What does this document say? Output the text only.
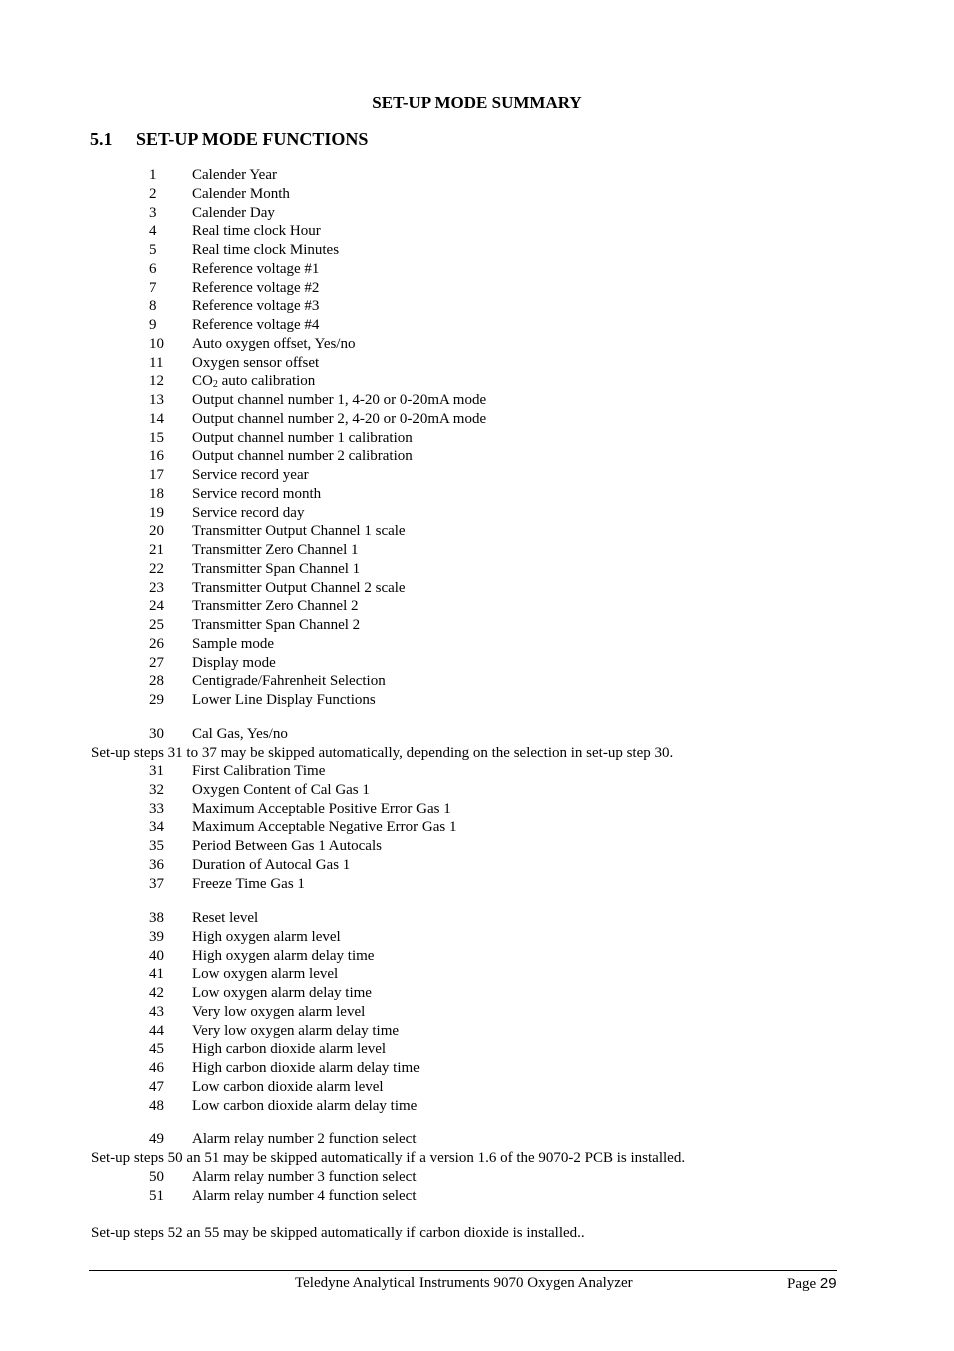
SET-UP MODE SUMMARY
5.1 SET-UP MODE FUNCTIONS
1 Calender Year
2 Calender Month
3 Calender Day
4 Real time clock Hour
5 Real time clock Minutes
6 Reference voltage #1
7 Reference voltage #2
8 Reference voltage #3
9 Reference voltage #4
10 Auto oxygen offset, Yes/no
11 Oxygen sensor offset
12 $CO_2$ auto calibration
13 Output channel number 1, 4-20 or 0-20mA mode
14 Output channel number 2, 4-20 or 0-20mA mode
15 Output channel number 1 calibration
16 Output channel number 2 calibration
17 Service record year
18 Service record month
19 Service record day
20 Transmitter Output Channel 1 scale
21 Transmitter Zero Channel 1
22 Transmitter Span Channel 1
23 Transmitter Output Channel 2 scale
24 Transmitter Zero Channel 2
25 Transmitter Span Channel 2
26 Sample mode
27 Display mode
28 Centigrade/Fahrenheit Selection
29 Lower Line Display Functions
30 Cal Gas, Yes/no
31 First Calibration Time
32 Oxygen Content of Cal Gas 1
33 Maximum Acceptable Positive Error Gas 1
34 Maximum Acceptable Negative Error Gas 1
35 Period Between Gas 1 Autocals
36 Duration of Autocal Gas 1
37 Freeze Time Gas 1
38 Reset level
39 High oxygen alarm level
40 High oxygen alarm delay time
41 Low oxygen alarm level
42 Low oxygen alarm delay time
43 Very low oxygen alarm level
44 Very low oxygen alarm delay time
45 High carbon dioxide alarm level
46 High carbon dioxide alarm delay time
47 Low carbon dioxide alarm level
48 Low carbon dioxide alarm delay time
49 Alarm relay number 2 function select
50 Alarm relay number 3 function select
51 Alarm relay number 4 function select
Set-up steps 31 to 37 may be skipped automatically, depending on the selection in set-up step 30.
Set-up steps 50 an 51 may be skipped automatically if a version 1.6 of the 9070-2 PCB is installed.
Set-up steps 52 an 55 may be skipped automatically if carbon dioxide is installed..
Teledyne Analytical Instruments 9070 Oxygen Analyzer	Page 29
